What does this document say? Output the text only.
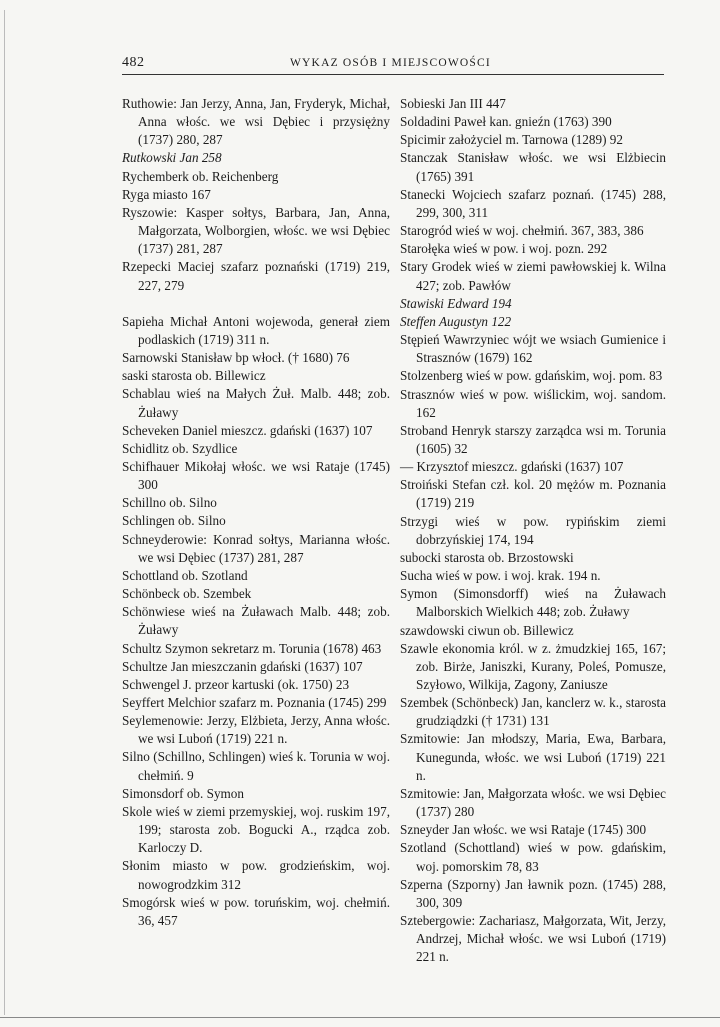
482	WYKAZ OSÓB I MIEJSCOWOŚCI
Ruthowie: Jan Jerzy, Anna, Jan, Fryderyk, Michał, Anna włośc. we wsi Dębiec i przysiężny (1737) 280, 287
Rutkowski Jan 258
Rychemberk ob. Reichenberg
Ryga miasto 167
Ryszowie: Kasper sołtys, Barbara, Jan, Anna, Małgorzata, Wolborgien, włośc. we wsi Dębiec (1737) 281, 287
Rzepecki Maciej szafarz poznański (1719) 219, 227, 279
Sapieha Michał Antoni wojewoda, generał ziem podlaskich (1719) 311 n.
Sarnowski Stanisław bp włocł. († 1680) 76
saski starosta ob. Billewicz
Schablau wieś na Małych Żuł. Malb. 448; zob. Żuławy
Scheveken Daniel mieszcz. gdański (1637) 107
Schidlitz ob. Szydlice
Schifhauer Mikołaj włośc. we wsi Rataje (1745) 300
Schillno ob. Silno
Schlingen ob. Silno
Schneyderowie: Konrad sołtys, Marianna włośc. we wsi Dębiec (1737) 281, 287
Schottland ob. Szotland
Schönbeck ob. Szembek
Schönwiese wieś na Żuławach Malb. 448; zob. Żuławy
Schultz Szymon sekretarz m. Torunia (1678) 463
Schultze Jan mieszczanin gdański (1637) 107
Schwengel J. przeor kartuski (ok. 1750) 23
Seyffert Melchior szafarz m. Poznania (1745) 299
Seylemenowie: Jerzy, Elżbieta, Jerzy, Anna włośc. we wsi Luboń (1719) 221 n.
Silno (Schillno, Schlingen) wieś k. Torunia w woj. chełmiń. 9
Simonsdorf ob. Symon
Skole wieś w ziemi przemyskiej, woj. ruskim 197, 199; starosta zob. Bogucki A., rządca zob. Karloczy D.
Słonim miasto w pow. grodzieńskim, woj. nowogrodzkim 312
Smogórsk wieś w pow. toruńskim, woj. chełmiń. 36, 457
Sobieski Jan III 447
Soldadini Paweł kan. gnieźn (1763) 390
Spicimir założyciel m. Tarnowa (1289) 92
Stanczak Stanisław włośc. we wsi Elżbiecin (1765) 391
Stanecki Wojciech szafarz poznań. (1745) 288, 299, 300, 311
Starogród wieś w woj. chełmiń. 367, 383, 386
Starołęka wieś w pow. i woj. pozn. 292
Stary Grodek wieś w ziemi pawłowskiej k. Wilna 427; zob. Pawłów
Stawiski Edward 194
Steffen Augustyn 122
Stępień Wawrzyniec wójt we wsiach Gumienice i Strasznów (1679) 162
Stolzenberg wieś w pow. gdańskim, woj. pom. 83
Strasznów wieś w pow. wiślickim, woj. sandom. 162
Stroband Henryk starszy zarządca wsi m. Torunia (1605) 32
— Krzysztof mieszcz. gdański (1637) 107
Stroiński Stefan czł. kol. 20 mężów m. Poznania (1719) 219
Strzygi wieś w pow. rypińskim ziemi dobrzyńskiej 174, 194
subocki starosta ob. Brzostowski
Sucha wieś w pow. i woj. krak. 194 n.
Symon (Simonsdorff) wieś na Żuławach Malborskich Wielkich 448; zob. Żuławy
szawdowski ciwun ob. Billewicz
Szawle ekonomia król. w z. żmudzkiej 165, 167; zob. Birże, Janiszki, Kurany, Poleś, Pomusze, Szyłowo, Wilkija, Zagony, Zaniusze
Szembek (Schönbeck) Jan, kanclerz w. k., starosta grudziądzki († 1731) 131
Szmitowie: Jan młodszy, Maria, Ewa, Barbara, Kunegunda, włośc. we wsi Luboń (1719) 221 n.
Szmitowie: Jan, Małgorzata włośc. we wsi Dębiec (1737) 280
Szneyder Jan włośc. we wsi Rataje (1745) 300
Szotland (Schottland) wieś w pow. gdańskim, woj. pomorskim 78, 83
Szperna (Szporny) Jan ławnik pozn. (1745) 288, 300, 309
Sztebergowie: Zachariasz, Małgorzata, Wit, Jerzy, Andrzej, Michał włośc. we wsi Luboń (1719) 221 n.
